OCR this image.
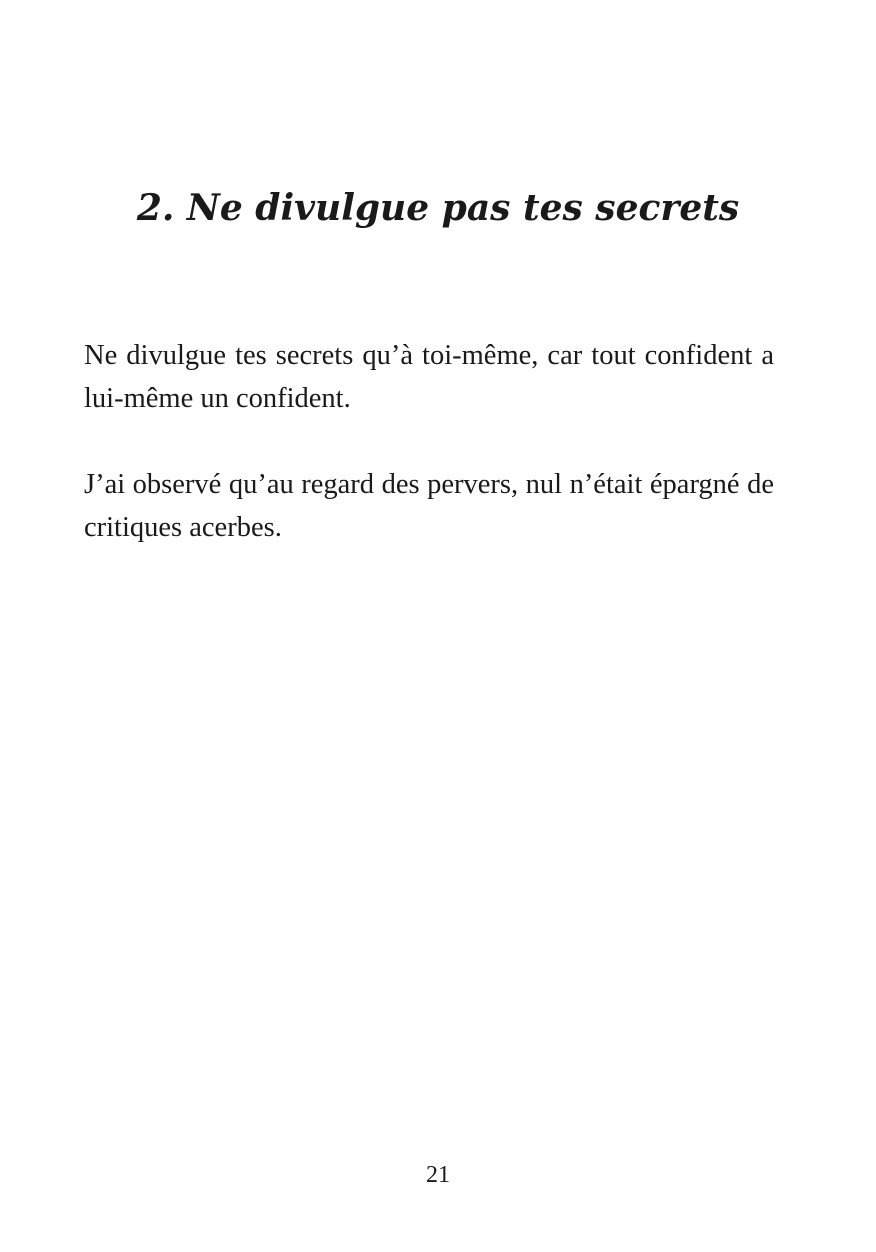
2. Ne divulgue pas tes secrets

Ne divulgue tes secrets qu’à toi-même, car tout confident a lui-même un confident.

J’ai observé qu’au regard des pervers, nul n’était épargné de critiques acerbes.

21
